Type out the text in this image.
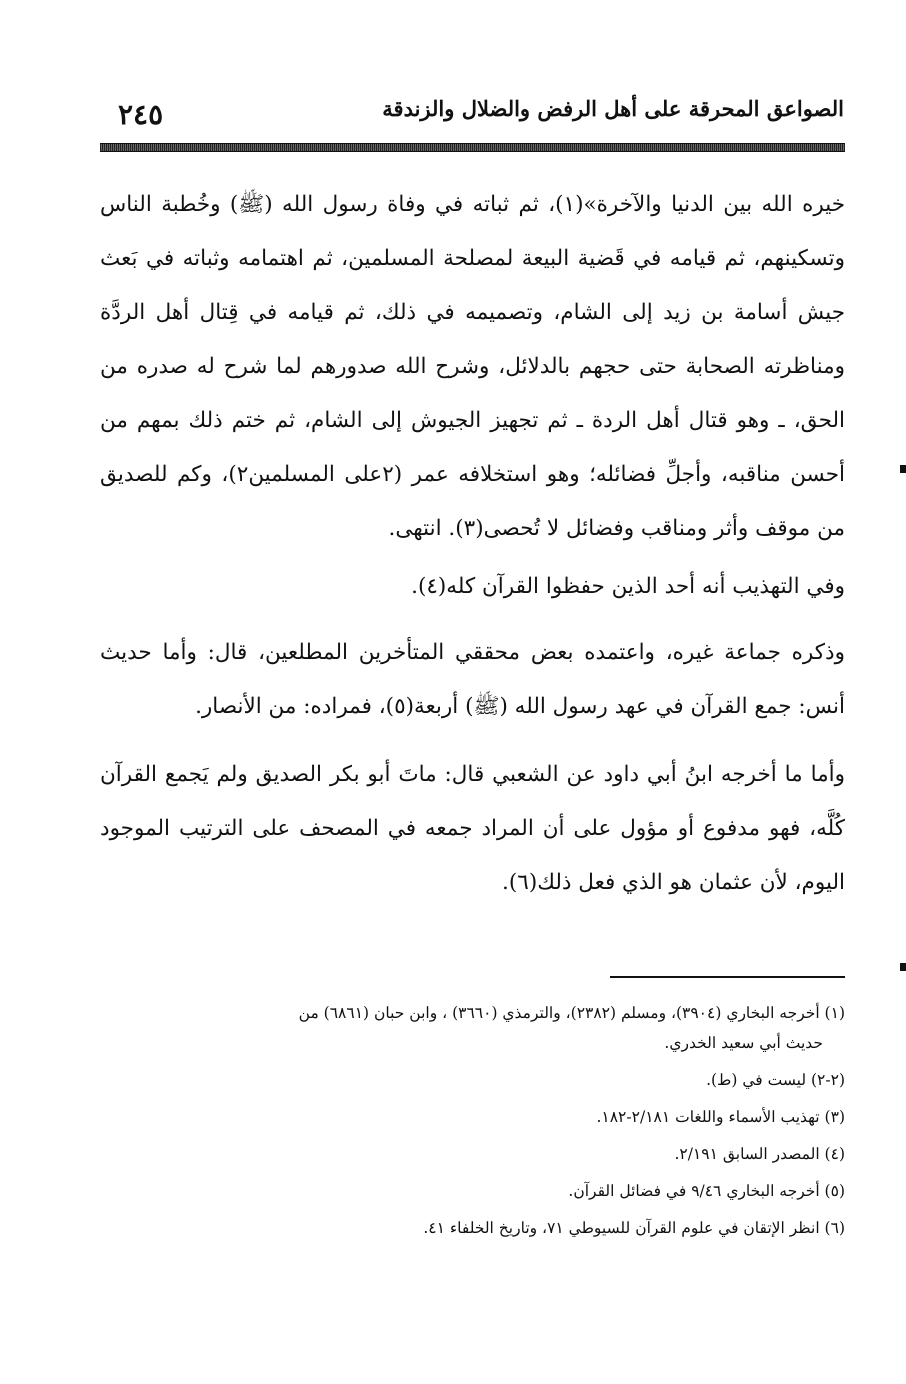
الصواعق المحرقة على أهل الرفض والضلال والزندقة
٢٤٥

خيره الله بين الدنيا والآخرة»(١)، ثم ثباته في وفاة رسول الله (ﷺ) وخُطبة الناس وتسكينهم، ثم قيامه في قَضية البيعة لمصلحة المسلمين، ثم اهتمامه وثباته في بَعث جيش أسامة بن زيد إلى الشام، وتصميمه في ذلك، ثم قيامه في قِتال أهل الردَّة ومناظرته الصحابة حتى حجهم بالدلائل، وشرح الله صدورهم لما شرح له صدره من الحق، ـ وهو قتال أهل الردة ـ ثم تجهيز الجيوش إلى الشام، ثم ختم ذلك بمهم من أحسن مناقبه، وأجلِّ فضائله؛ وهو استخلافه عمر (٢على المسلمين٢)، وكم للصديق من موقف وأثر ومناقب وفضائل لا تُحصى(٣). انتهى.

وفي التهذيب أنه أحد الذين حفظوا القرآن كله(٤).

وذكره جماعة غيره، واعتمده بعض محققي المتأخرين المطلعين، قال: وأما حديث أنس: جمع القرآن في عهد رسول الله (ﷺ) أربعة(٥)، فمراده: من الأنصار.

وأما ما أخرجه ابنُ أبي داود عن الشعبي قال: ماتَ أبو بكر الصديق ولم يَجمع القرآن كُلَّه، فهو مدفوع أو مؤول على أن المراد جمعه في المصحف على الترتيب الموجود اليوم، لأن عثمان هو الذي فعل ذلك(٦).

(١) أخرجه البخاري (٣٩٠٤)، ومسلم (٢٣٨٢)، والترمذي (٣٦٦٠) ، وابن حبان (٦٨٦١) من
حديث أبي سعيد الخدري.
(٢-٢) ليست في (ط).
(٣) تهذيب الأسماء واللغات ٢/١٨١-١٨٢.
(٤) المصدر السابق ٢/١٩١.
(٥) أخرجه البخاري ٩/٤٦ في فضائل القرآن.
(٦) انظر الإتقان في علوم القرآن للسيوطي ٧١، وتاريخ الخلفاء ٤١.
